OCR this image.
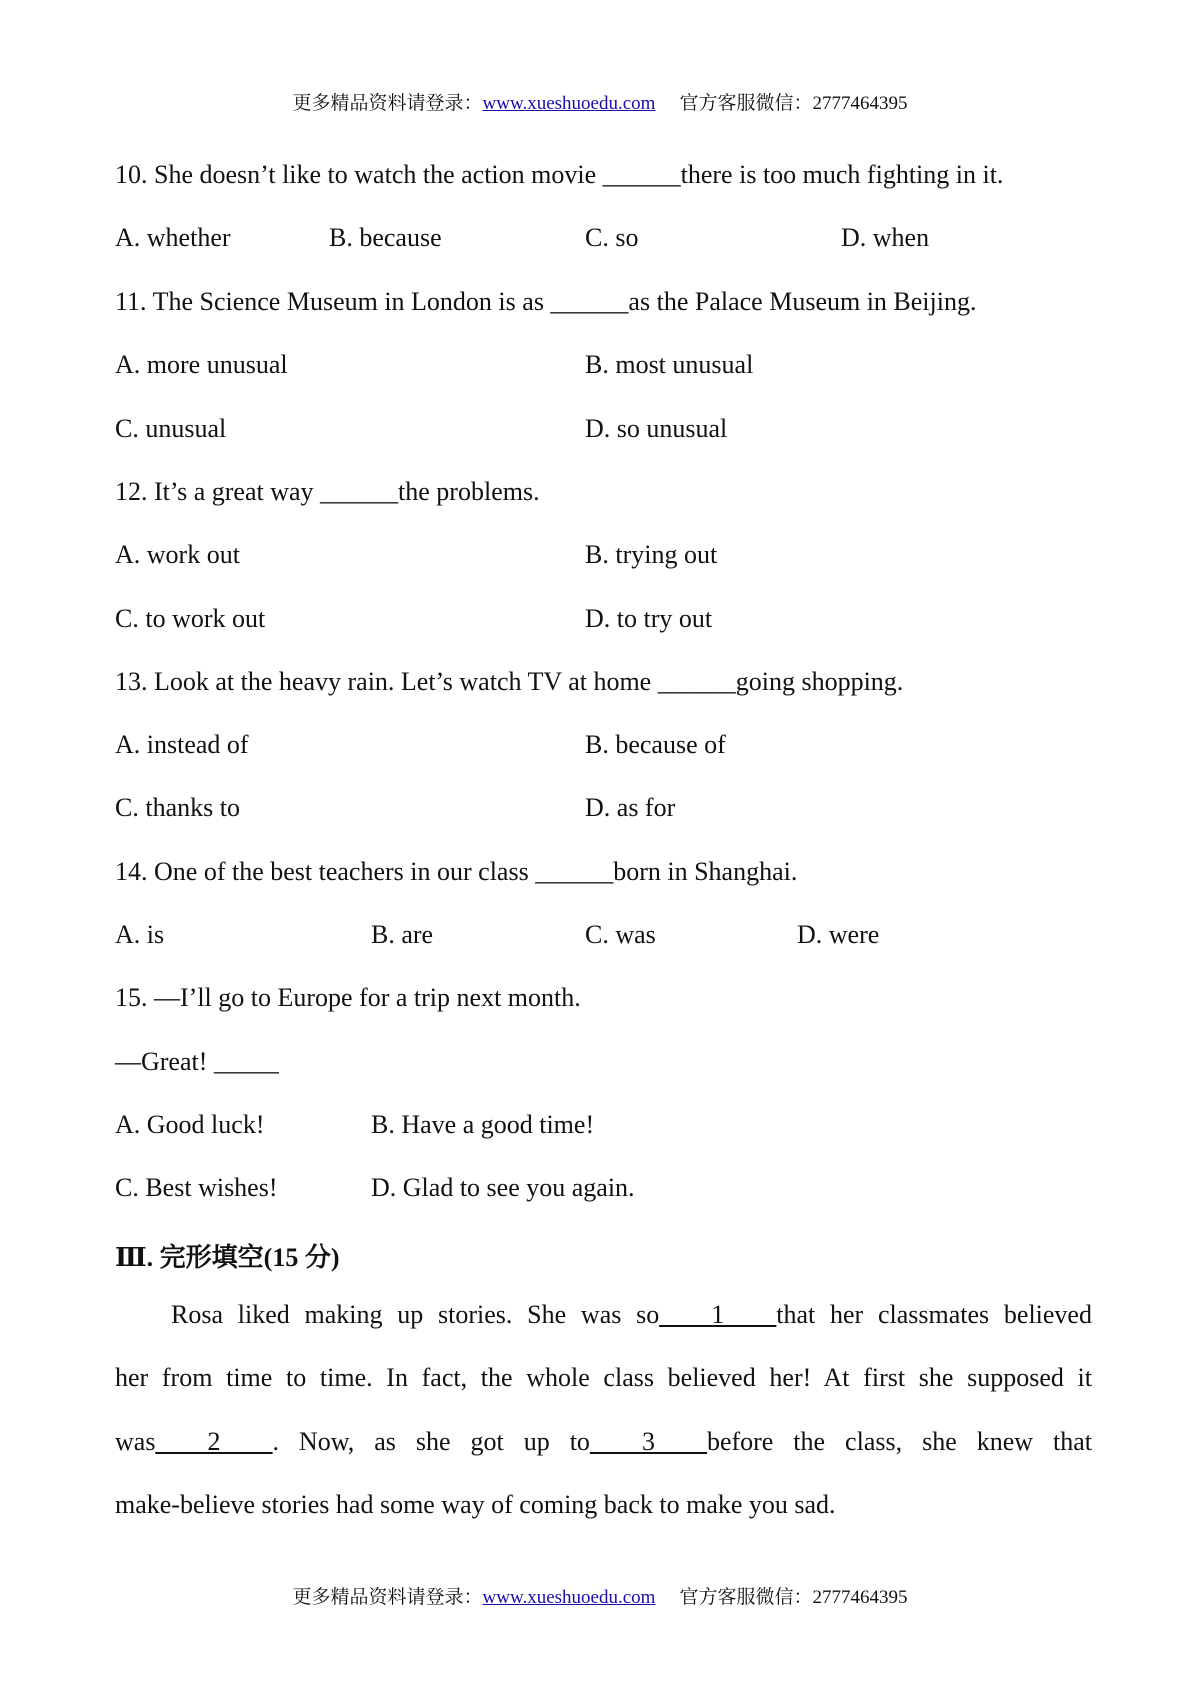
更多精品资料请登录：www.xueshuoedu.com 官方客服微信：2777464395
10. She doesn’t like to watch the action movie ______there is too much fighting in it.
A. whether	B. because	C. so	D. when
11. The Science Museum in London is as ______as the Palace Museum in Beijing.
A. more unusual	B. most unusual
C. unusual	D. so unusual
12. It’s a great way ______the problems.
A. work out	B. trying out
C. to work out	D. to try out
13. Look at the heavy rain. Let’s watch TV at home ______going shopping.
A. instead of	B. because of
C. thanks to	D. as for
14. One of the best teachers in our class ______born in Shanghai.
A. is	B. are	C. was	D. were
15. —I’ll go to Europe for a trip next month.
—Great! _____
A. Good luck!	B. Have a good time!
C. Best wishes!	D. Glad to see you again.
Ⅲ. 完形填空(15 分)
Rosa liked making up stories. She was so____1____that her classmates believed
her from time to time. In fact, the whole class believed her! At first she supposed it
was____2____. Now, as she got up to____3____before the class, she knew that
make-believe stories had some way of coming back to make you sad.
更多精品资料请登录：www.xueshuoedu.com 官方客服微信：2777464395
